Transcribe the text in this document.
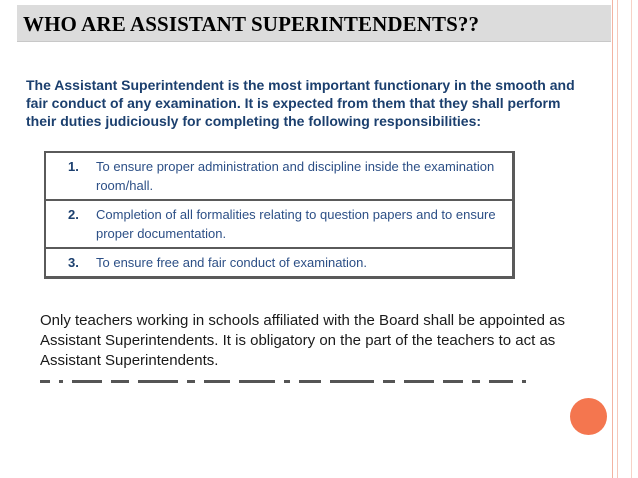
WHO ARE ASSISTANT SUPERINTENDENTS??
The Assistant Superintendent is the most important functionary in the smooth and fair conduct of any examination. It is expected from them that they shall perform their duties judiciously for completing the following responsibilities:
1.	To ensure proper administration and discipline inside the examination room/hall.
2.	Completion of all formalities relating to question papers and to ensure proper documentation.
3.	To ensure free and fair conduct of examination.
Only teachers working in schools affiliated with the Board shall be appointed as Assistant Superintendents. It is obligatory on the part of the teachers to act as Assistant Superintendents.
